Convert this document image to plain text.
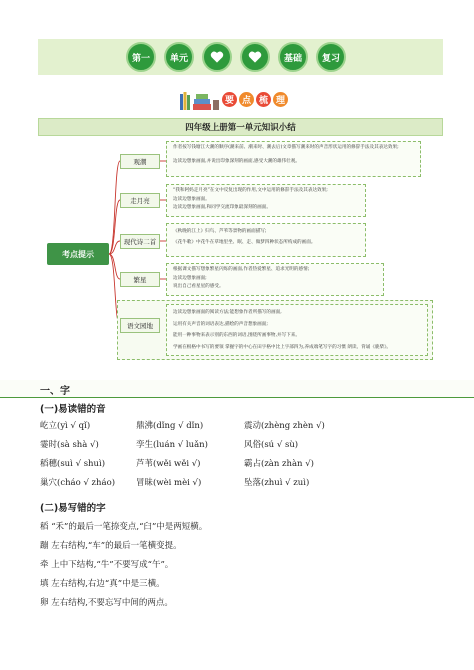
第一	单元	基础	复习
要 点 梳 理
四年级上册第一单元知识小结
考点提示
观潮
作者按写钱塘江大潮的顺序(潮来前、潮来时、潮去后)文章描写潮来时的声音形状运用的修辞手法及其表达效果;
边读边想象画面,并说出印象深刻的画面,感受大潮的雄伟壮观。
走月亮
“我和阿妈走月亮”在文中反复出现的作用,文中运用的修辞手法及其表达效果;
边读边想象画面。
边读边想象画面,和同学交流印象最深刻的画面。
现代诗二首
《秋晚的江上》归鸟、芦苇等景物的画面描写;
《花牛歌》中花牛在草地里坐、眠、走、做梦四种状态所构成的画面。
繁星
根据课文描写想象繁星闪烁的画面,作者热爱繁星、追求光明的感情;
边读边想象画面;
说出自己看星星的感受。
语文园地
边读边想象画面的阅读方法;能想象作者所描写的画面,
运用有关声音的词语表达,描绘的声音想象画面;
能用一种事物来表示别的东西的词语,围绕所画事物,并写下来。
学画在根格中书写的要领 掌握字的中心在田字格中比上字部四为,养成端笔写字的习惯 朗读、背诵《鹿柴》。
一、字
(一)易读错的音
屹立(yì √ qǐ)	鼎沸(dǐng √ dǐn)	震动(zhèng zhèn √)
霎时(sà shà √)	孪生(luán √ luǎn)	风俗(sú √ sù)
稻穗(suì √ shuì)	芦苇(wěi wěi √)	霸占(zàn zhàn √)
巢穴(cháo √ zháo) 冒昧(wèi mèi √)	坠落(zhuì √ zuì)
(二)易写错的字
稻 “禾”的最后一笔捺变点,“臼”中是两短横。
蹦 左右结构,“车”的最后一笔横变提。
牵 上中下结构,“牛”不要写成“午”。
填 左右结构,右边“真”中是三横。
卵 左右结构,不要忘写中间的两点。
